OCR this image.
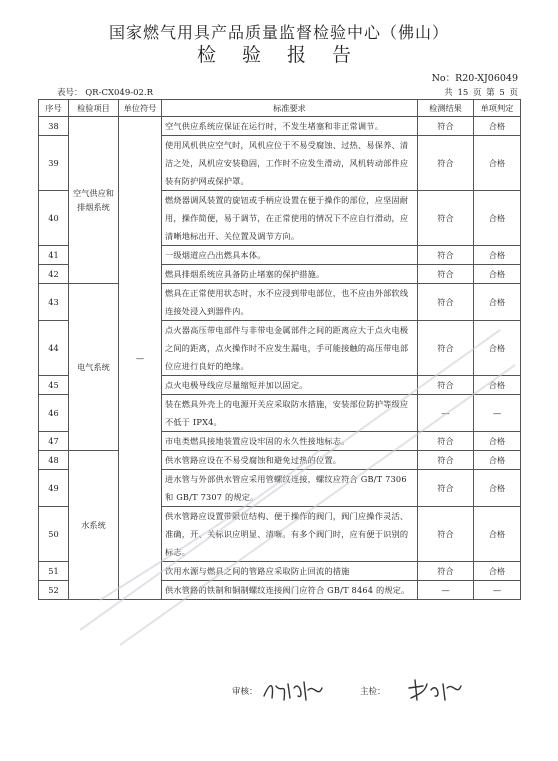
国家燃气用具产品质量监督检验中心（佛山）
检 验 报 告
No：R20-XJ06049
表号： QR-CX049-02.R	共 15 页 第 5 页
序号	检验项目	单位符号	标准要求	检测结果	单项判定
38	空气供应和排烟系统	—	空气供应系统应保证在运行时，不发生堵塞和非正常调节。	符合	合格
39			使用风机供应空气时，风机应位于不易受腐蚀、过热、易保养、清洁之处，风机应安装稳固，工作时不应发生滑动，风机转动部件应装有防护网或保护罩。	符合	合格
40			燃烧器调风装置的旋钮或手柄应设置在便于操作的部位，应坚固耐用，操作简便，易于调节，在正常使用的情况下不应自行滑动，应清晰地标出开、关位置及调节方向。	符合	合格
41			一级烟道应凸出燃具本体。	符合	合格
42			燃具排烟系统应具备防止堵塞的保护措施。	符合	合格
43	电气系统		燃具在正常使用状态时，水不应浸到带电部位，也不应由外部软线连接处浸入到器件内。	符合	合格
44			点火器高压带电部件与非带电金属部件之间的距离应大于点火电极之间的距离，点火操作时不应发生漏电，手可能接触的高压带电部位应进行良好的绝缘。	符合	合格
45			点火电极导线应尽量缩短并加以固定。	符合	合格
46			装在燃具外壳上的电源开关应采取防水措施，安装部位防护等级应不低于 IPX4。	—	—
47			市电类燃具接地装置应设牢固的永久性接地标志。	符合	合格
48	水系统		供水管路应设在不易受腐蚀和避免过热的位置。	符合	合格
49			进水管与外部供水管应采用管螺纹连接，螺纹应符合 GB/T 7306 和 GB/T 7307 的规定。	符合	合格
50			供水管路应设置带限位结构、便于操作的阀门，阀门应操作灵活、准确，开、关标识应明显、清晰。有多个阀门时，应有便于识别的标志。	符合	合格
51			饮用水源与燃具之间的管路应采取防止回流的措施	符合	合格
52			供水管路的铁制和铜制螺纹连接阀门应符合 GB/T 8464 的规定。	—	—
审核：	主检：
